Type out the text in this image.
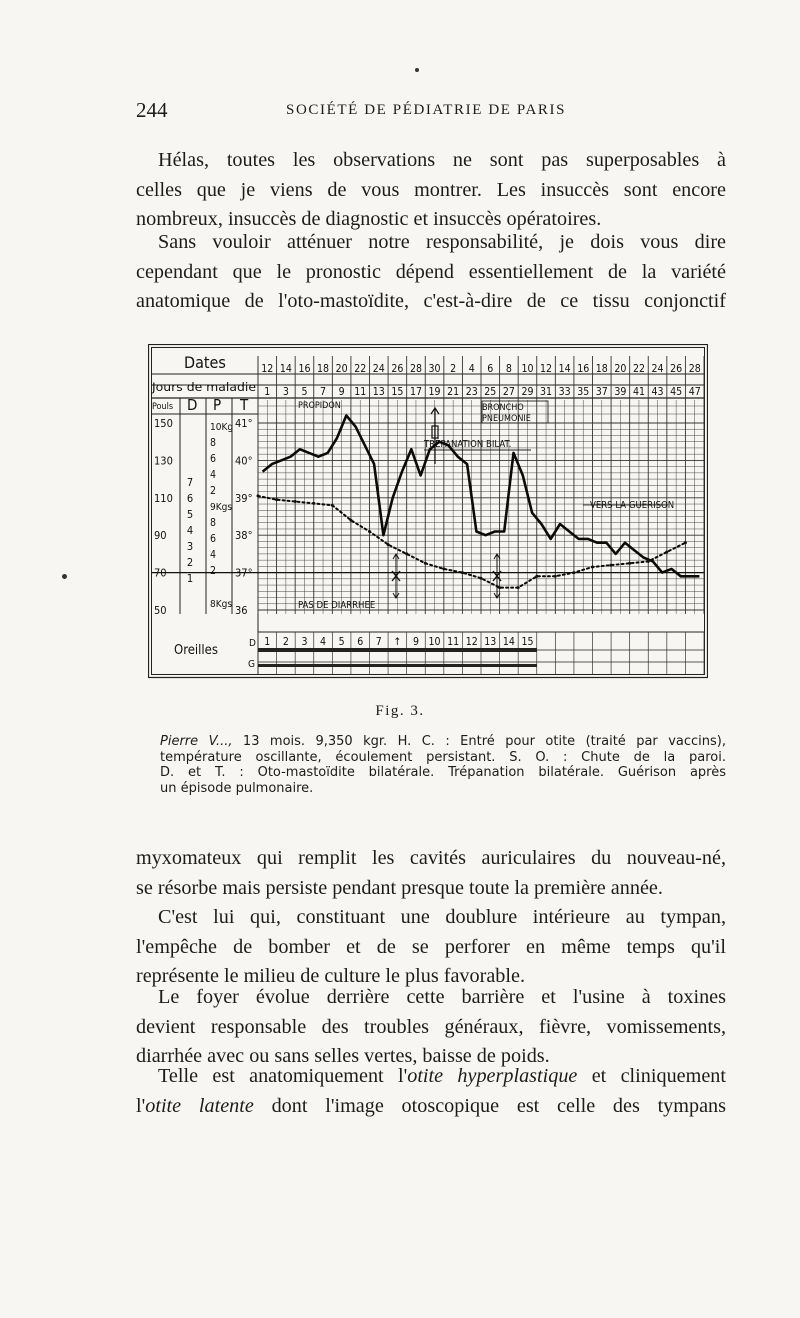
244	SOCIÉTÉ DE PÉDIATRIE DE PARIS
Hélas, toutes les observations ne sont pas superposables à
celles que je viens de vous montrer. Les insuccès sont encore
nombreux, insuccès de diagnostic et insuccès opératoires.
Sans vouloir atténuer notre responsabilité, je dois vous dire
cependant que le pronostic dépend essentiellement de la variété
anatomique de l'oto-mastoïdite, c'est-à-dire de ce tissu conjonctif
Dates
Jours de maladie
Pouls D P T
12 14 16 18 20 22 24 26 28 30 2 4 6 8 10 12 14 16 18 20 22 24 26 28
1 3 5 7 9 11 13 15 17 19 21 23 25 27 29 31 33 35 37 39 41 43 45 47
150
130
110
90
70
50
7
6
5
4
3
2
1
10Kg
8
6
4
2
9Kgs
8
6
4
2
8Kgs
41°
40°
39°
38°
37°
36
PROPIDON	BRONCHO
PNEUMONIE
TRÉPANATION BILAT.
VERS LA GUERISON
PAS DE DIARRHEE
Oreilles	D
G
1 2 3 4 5 6 7 ↑ 9 10 11 12 13 14 15
Fig. 3.
Pierre V..., 13 mois. 9,350 kgr. H. C. : Entré pour otite (traité par vaccins),
température oscillante, écoulement persistant. S. O. : Chute de la paroi.
D. et T. : Oto-mastoïdite bilatérale. Trépanation bilatérale. Guérison après
un épisode pulmonaire.
myxomateux qui remplit les cavités auriculaires du nouveau-né,
se résorbe mais persiste pendant presque toute la première année.
C'est lui qui, constituant une doublure intérieure au tympan,
l'empêche de bomber et de se perforer en même temps qu'il
représente le milieu de culture le plus favorable.
Le foyer évolue derrière cette barrière et l'usine à toxines
devient responsable des troubles généraux, fièvre, vomissements,
diarrhée avec ou sans selles vertes, baisse de poids.
Telle est anatomiquement l'otite hyperplastique et cliniquement
l'otite latente dont l'image otoscopique est celle des tympans
